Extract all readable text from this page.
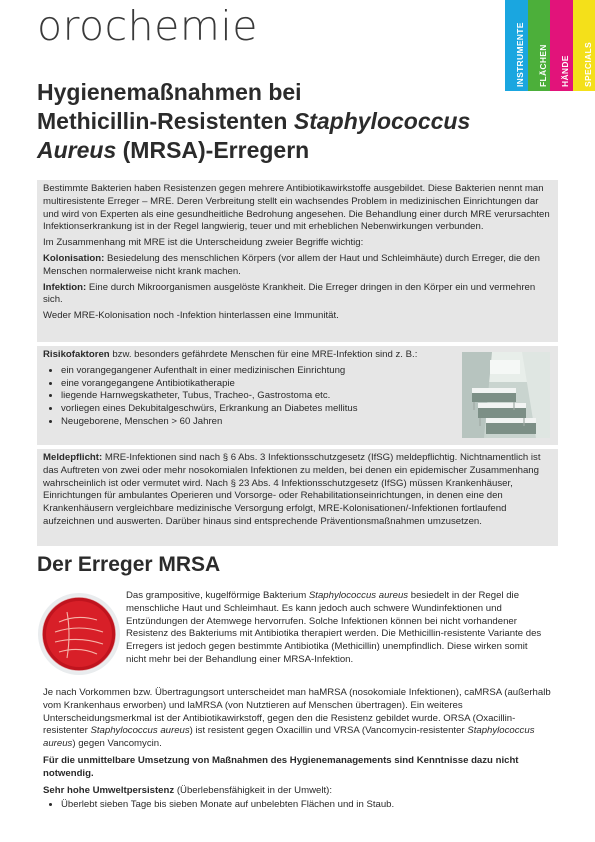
orochemie	INSTRUMENTE FLÄCHEN HÄNDE SPECIALS
Hygienemaßnahmen bei
Methicillin-Resistenten Staphylococcus
Aureus (MRSA)-Erregern

Bestimmte Bakterien haben Resistenzen gegen mehrere Antibiotikawirkstoffe ausgebildet. Diese Bakterien nennt man multiresistente Erreger – MRE. Deren Verbreitung stellt ein wachsendes Problem in medizinischen Einrichtungen dar und wird von Experten als eine gesundheitliche Bedrohung angesehen. Die Behandlung einer durch MRE verursachten Infektionserkrankung ist in der Regel langwierig, teuer und mit erheblichen Nebenwirkungen verbunden.

Im Zusammenhang mit MRE ist die Unterscheidung zweier Begriffe wichtig:

Kolonisation: Besiedelung des menschlichen Körpers (vor allem der Haut und Schleimhäute) durch Erreger, die den Menschen normalerweise nicht krank machen.

Infektion: Eine durch Mikroorganismen ausgelöste Krankheit. Die Erreger dringen in den Körper ein und vermehren sich.

Weder MRE-Kolonisation noch -Infektion hinterlassen eine Immunität.

Risikofaktoren bzw. besonders gefährdete Menschen für eine MRE-Infektion sind z. B.:

• ein vorangegangener Aufenthalt in einer medizinischen Einrichtung
• eine vorangegangene Antibiotikatherapie
• liegende Harnwegskatheter, Tubus, Tracheo-, Gastrostoma etc.
• vorliegen eines Dekubitalgeschwürs, Erkrankung an Diabetes mellitus
• Neugeborene, Menschen > 60 Jahren

Meldepflicht: MRE-Infektionen sind nach § 6 Abs. 3 Infektionsschutzgesetz (IfSG) meldepflichtig. Nichtnamentlich ist das Auftreten von zwei oder mehr nosokomialen Infektionen zu melden, bei denen ein epidemischer Zusammenhang wahrscheinlich ist oder vermutet wird. Nach § 23 Abs. 4 Infektionsschutzgesetz (IfSG) müssen Krankenhäuser, Einrichtungen für ambulantes Operieren und Vorsorge- oder Rehabilitationseinrichtungen, in denen eine den Krankenhäusern vergleichbare medizinische Versorgung erfolgt, MRE-Kolonisationen/-Infektionen fortlaufend aufzeichnen und auswerten. Darüber hinaus sind entsprechende Präventionsmaßnahmen umzusetzen.

Der Erreger MRSA

Das grampositive, kugelförmige Bakterium Staphylococcus aureus besiedelt in der Regel die menschliche Haut und Schleimhaut. Es kann jedoch auch schwere Wundinfektionen und Entzündungen der Atemwege hervorrufen. Solche Infektionen können bei nicht vorhandener Resistenz des Bakteriums mit Antibiotika therapiert werden. Die Methicillin-resistente Variante des Erregers ist jedoch gegen bestimmte Antibiotika (Methicillin) unempfindlich. Diese wirken somit nicht mehr bei der Behandlung einer MRSA-Infektion.

Je nach Vorkommen bzw. Übertragungsort unterscheidet man haMRSA (nosokomiale Infektionen), caMRSA (außerhalb vom Krankenhaus erworben) und laMRSA (von Nutztieren auf Menschen übertragen). Ein weiteres Unterscheidungsmerkmal ist der Antibiotikawirkstoff, gegen den die Resistenz gebildet wurde. ORSA (Oxacillin-resistenter Staphylococcus aureus) ist resistent gegen Oxacillin und VRSA (Vancomycin-resistenter Staphylococcus aureus) gegen Vancomycin.

Für die unmittelbare Umsetzung von Maßnahmen des Hygienemanagements sind Kenntnisse dazu nicht notwendig.

Sehr hohe Umweltpersistenz (Überlebensfähigkeit in der Umwelt):

• Überlebt sieben Tage bis sieben Monate auf unbelebten Flächen und in Staub.
